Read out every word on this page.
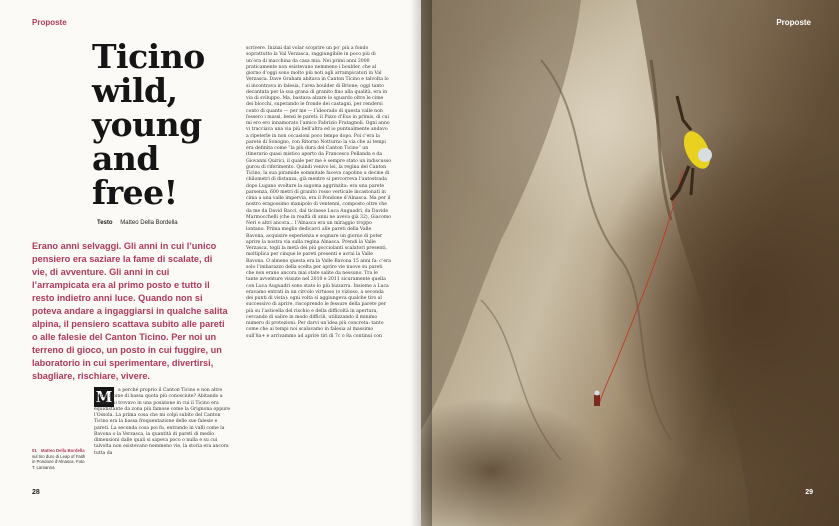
Proposte
Ticino wild, young and free!
Testo Matteo Della Bordella

Erano anni selvaggi. Gli anni in cui l’unico pensiero era saziare la fame di scalate, di vie, di avventure. Gli anni in cui l’arrampicata era al primo posto e tutto il resto indietro anni luce. Quando non si poteva andare a ingaggiarsi in qualche salita alpina, il pensiero scattava subito alle pareti o alle falesie del Canton Ticino. Per noi un terreno di gioco, un posto in cui fuggire, un laboratorio in cui sperimentare, divertirsi, sbagliare, rischiare, vivere.

M	a perché proprio il Canton Ticino e non altre “altre alpine di bassa quota più conosciute? Abitando a “senza mi trovavo in una posizione in cui il Ticino era equidistante da zona più famose come la Grignona oppure l’Ossola. La prima cosa che mi colpì subito del Canton Ticino era la bassa frequentazione delle sue falesie e pareti. La seconda cosa poi fu, entrando in valli come la Bavona o la Verzasca, la quantità di pareti di medio dimensioni dalle quali si sapeva poco o nulla e su cui talvolta non esistevano nemmeno vie, la storia era ancora tutta da

scrivere. Iniziai dal volar scoprire un po’ più a fondo soprattutto la Val Verzasca, raggiungibile in poco più di un’ora di macchina da casa mia. Nei primi anni 2000 praticamente non esistevano nemmeno i boulder, che al giorno d’oggi sono molto più noti agli arrampicatori in Val Verzasca. Dave Graham abitava in Canton Ticino e talvolta lo si incontrava in falesia, l’area boulder di Brione; oggi tanto decantata per la sua grana di granito fino alla qualità, era in via di sviluppo. Ma, bastava alzare lo sguardo oltre le cime dei blocchi, superando le fronde dei castagni, per rendersi conto di quanto — per me — l’ideorado di questa valle non fossero i massi, bensì le pareti: il Pizzo d’Eus in primis, di cui mi ero ero innamorato l’amico Fabrizio Fratagnoli. Ogni anno vi tracciava una via più bell’altra ed io puntualmente andavo a ripeterle in non occasioni poco tempo dopo. Poi c’era la parete di Sonogno, con Ritorno Notturno la via che ai tempi era definita come “la più dura del Canton Ticino” un itinerario quasi mistico aperto da Francesco Pellanda e da Giovanni Quirici, il quale per me è sempre stato un indiscusso gurou di riferimento. Quindi venivo lei, la regina del Canton Ticino, la sua piramide sommitale faceva capolino a decine di chilometri di distanza, già mentre si percorreva l’autostrada dopo Lugano svoltare la sagoma aggrinzita: era una parete parsenza, 600 metri di granito rosso verticale incastonati in cima a una valle impervia, era il Pondone d’Alnasca. Ma per il nostro eragossimo manipolo di ventenni, composto oltre che da me da David Bacci, dal ticinese Luca Auguadri, da Davide Marmocchelli (che in realtà di anni ne aveva già 32), Giacomo Neri e altri ancora... l’Alnasca era un miraggio troppo lontano. Prima meglio dedicarci alle pareti della Valle Bavona, acquisire esperienza e sognare un giorno di poter aprire la nostra via sulla regina Alnasca. Prendi la Valle Verzasca, togli la metà dei più gocciolanti scalatori presenti, moltiplica per cinque le pareti presenti e avrai la Valle Bavona. O almeno questa era la Valle Bavona 15 anni fa: c’era solo l’imbarazzo della scelta per aprire vie nuove su pareti che non erano ancora mai state salite da nessuno. Tra le tante avventure vissute nel 2010 e 2011 sicuramente quella con Luca Auguadri sono stato lo più bizzarra. Insieme a Luca eravamo entrati in un circolo virtuoso (o vizioso, a seconda dei punti di vista): ogni volta si aggiungeva qualche tiro al successivo di aprire, riscoprendo le fessure della parete per più su l’asticella del rischio e della difficoltà in apertura, cercando di salire in modo difficili, utilizzando il minimo numero di protezioni. Per darvi un’idea più concreta: tanto come che ai tempi noi scalavamo in falesia al massimo sull’8a+ e arrivammo ad aprire tiri di 7c o 8a continui con

01 Matteo Della Bordella sul tiro duro di Leap of Faith in Pondone d’Alnasca. Foto T. Lamanna
28
Proposte
29
